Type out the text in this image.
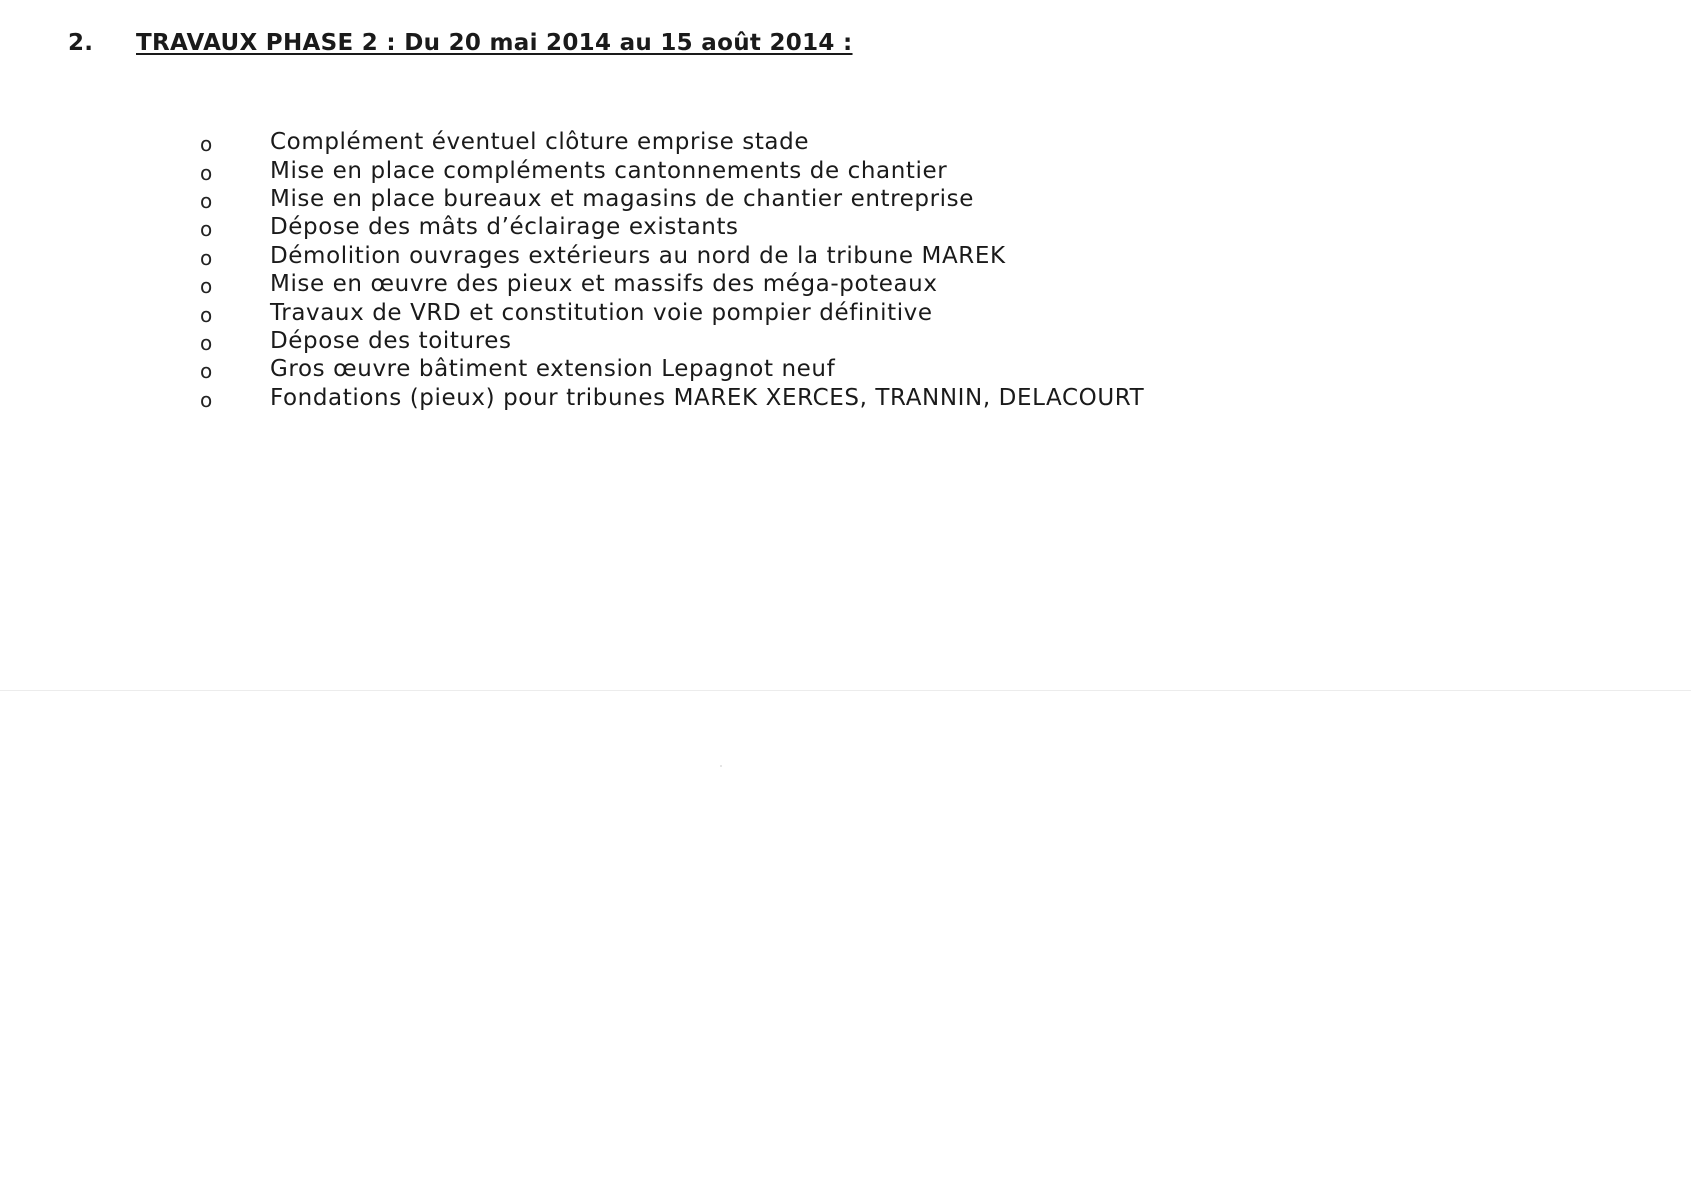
2. TRAVAUX PHASE 2 : Du 20 mai 2014 au 15 août 2014 :
o	Complément éventuel clôture emprise stade
o	Mise en place compléments cantonnements de chantier
o	Mise en place bureaux et magasins de chantier entreprise
o	Dépose des mâts d’éclairage existants
o	Démolition ouvrages extérieurs au nord de la tribune MAREK
o	Mise en œuvre des pieux et massifs des méga-poteaux
o	Travaux de VRD et constitution voie pompier définitive
o	Dépose des toitures
o	Gros œuvre bâtiment extension Lepagnot neuf
o	Fondations (pieux) pour tribunes MAREK XERCES, TRANNIN, DELACOURT
